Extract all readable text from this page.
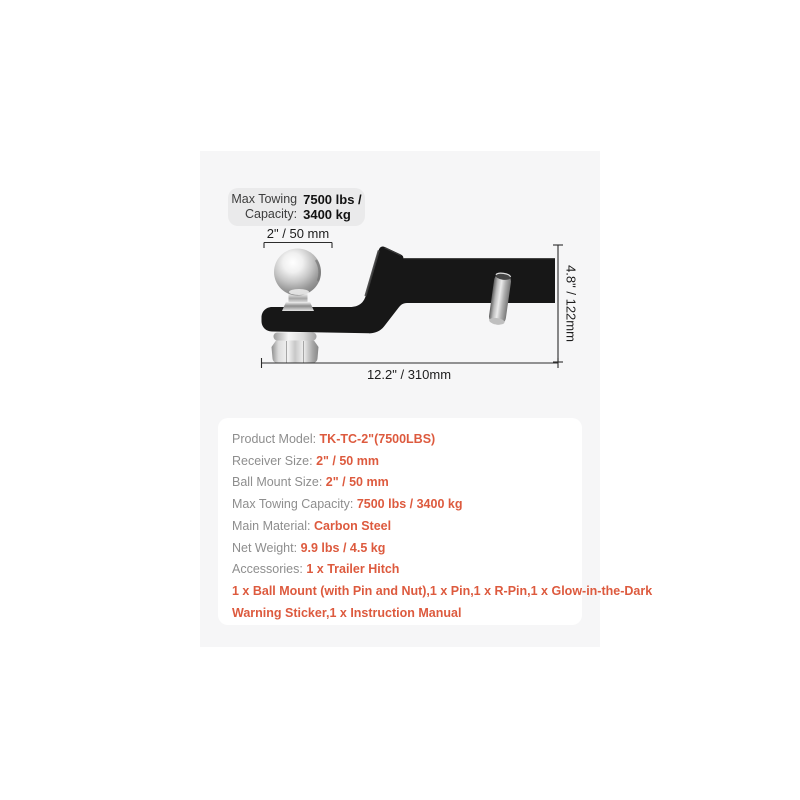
Max Towing
Capacity:
7500 lbs /
3400 kg
2" / 50 mm
4.8" / 122mm
12.2" / 310mm
Product Model: TK-TC-2"(7500LBS)
Receiver Size: 2" / 50 mm
Ball Mount Size: 2" / 50 mm
Max Towing Capacity: 7500 lbs / 3400 kg
Main Material: Carbon Steel
Net Weight: 9.9 lbs / 4.5 kg
Accessories: 1 x Trailer Hitch
1 x Ball Mount (with Pin and Nut),1 x Pin,1 x R-Pin,1 x Glow-in-the-Dark
Warning Sticker,1 x Instruction Manual
